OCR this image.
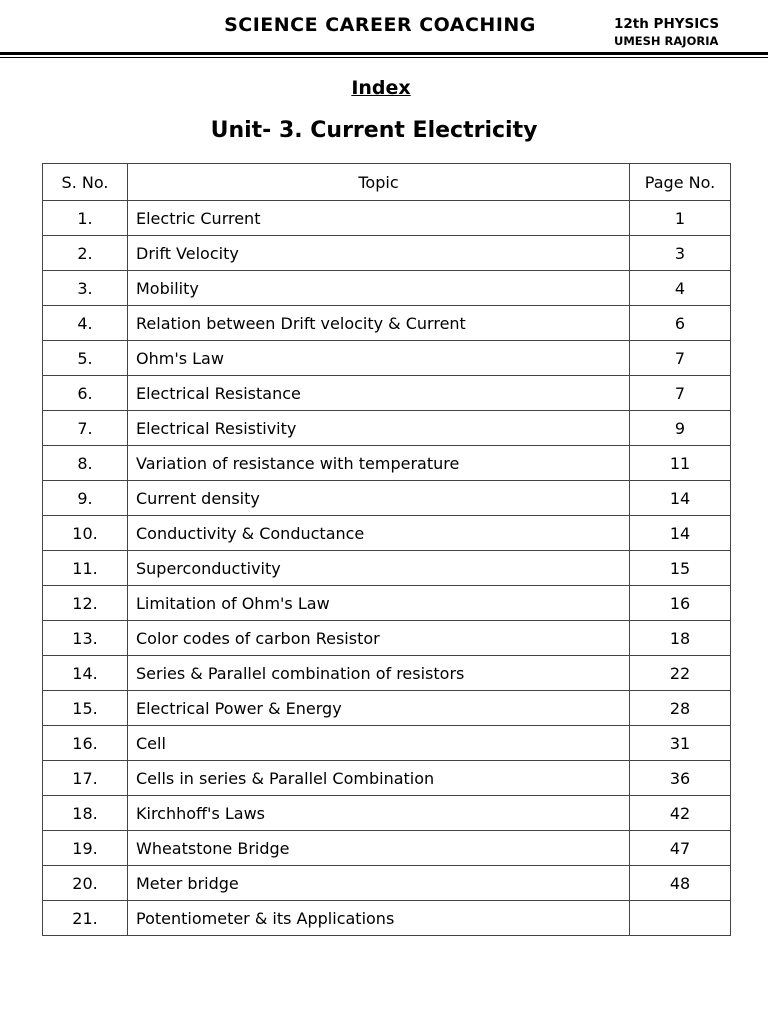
SCIENCE CAREER COACHING	12th PHYSICS
UMESH RAJORIA
Index
Unit- 3. Current Electricity
S. No.	Topic	Page No.
1.	Electric Current	1
2.	Drift Velocity	3
3.	Mobility	4
4.	Relation between Drift velocity & Current	6
5.	Ohm's Law	7
6.	Electrical Resistance	7
7.	Electrical Resistivity	9
8.	Variation of resistance with temperature	11
9.	Current density	14
10.	Conductivity & Conductance	14
11.	Superconductivity	15
12.	Limitation of Ohm's Law	16
13.	Color codes of carbon Resistor	18
14.	Series & Parallel combination of resistors	22
15.	Electrical Power & Energy	28
16.	Cell	31
17.	Cells in series & Parallel Combination	36
18.	Kirchhoff's Laws	42
19.	Wheatstone Bridge	47
20.	Meter bridge	48
21.	Potentiometer & its Applications	
